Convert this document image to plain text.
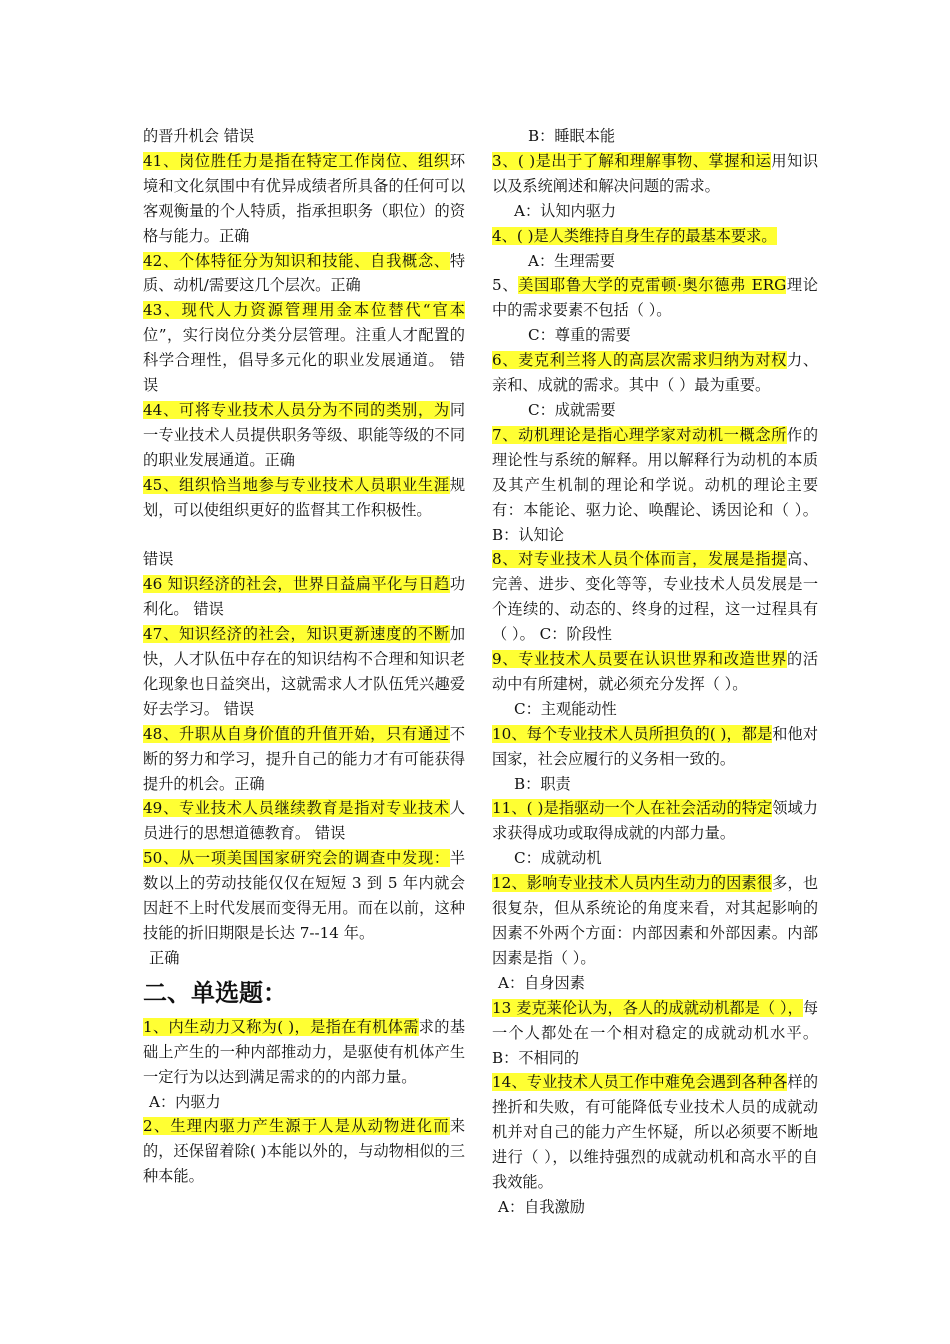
的晋升机会 错误

41、岗位胜任力是指在特定工作岗位、组织环境和文化氛围中有优异成绩者所具备的任何可以客观衡量的个人特质，指承担职务（职位）的资格与能力。正确

42、个体特征分为知识和技能、自我概念、特质、动机/需要这几个层次。正确

43、现代人力资源管理用金本位替代“官本位”，实行岗位分类分层管理。注重人才配置的科学合理性，倡导多元化的职业发展通道。 错误

44、可将专业技术人员分为不同的类别，为同一专业技术人员提供职务等级、职能等级的不同的职业发展通道。正确

45、组织恰当地参与专业技术人员职业生涯规划，可以使组织更好的监督其工作积极性。

错误

46 知识经济的社会，世界日益扁平化与日趋功利化。 错误

47、知识经济的社会，知识更新速度的不断加快，人才队伍中存在的知识结构不合理和知识老化现象也日益突出，这就需求人才队伍凭兴趣爱好去学习。 错误

48、升职从自身价值的升值开始，只有通过不断的努力和学习，提升自己的能力才有可能获得提升的机会。正确

49、专业技术人员继续教育是指对专业技术人员进行的思想道德教育。 错误

50、从一项美国国家研究会的调查中发现：半数以上的劳动技能仅仅在短短 3 到 5 年内就会因赶不上时代发展而变得无用。而在以前，这种技能的折旧期限是长达 7--14 年。

正确

二、单选题：

1、内生动力又称为( )，是指在有机体需求的基础上产生的一种内部推动力，是驱使有机体产生一定行为以达到满足需求的的内部力量。

A：内驱力

2、生理内驱力产生源于人是从动物进化而来的，还保留着除( )本能以外的，与动物相似的三种本能。

B：睡眠本能

3、( )是出于了解和理解事物、掌握和运用知识以及系统阐述和解决问题的需求。

A：认知内驱力

4、( )是人类维持自身生存的最基本要求。

A：生理需要

5、美国耶鲁大学的克雷顿·奥尔德弗 ERG理论中的需求要素不包括（ ）。

C：尊重的需要

6、麦克利兰将人的高层次需求归纳为对权力、亲和、成就的需求。其中（ ）最为重要。

C：成就需要

7、动机理论是指心理学家对动机一概念所作的理论性与系统的解释。用以解释行为动机的本质及其产生机制的理论和学说。动机的理论主要有：本能论、驱力论、唤醒论、诱因论和（ ）。 B：认知论

8、对专业技术人员个体而言，发展是指提高、完善、进步、变化等等，专业技术人员发展是一个连续的、动态的、终身的过程，这一过程具有（ ）。 C：阶段性

9、专业技术人员要在认识世界和改造世界的活动中有所建树，就必须充分发挥（ ）。

C：主观能动性

10、每个专业技术人员所担负的( )，都是和他对国家，社会应履行的义务相一致的。

B：职责

11、( )是指驱动一个人在社会活动的特定领域力求获得成功或取得成就的内部力量。

C：成就动机

12、影响专业技术人员内生动力的因素很多，也很复杂，但从系统论的角度来看，对其起影响的因素不外两个方面：内部因素和外部因素。内部因素是指（ ）。

A：自身因素

13 麦克莱伦认为，各人的成就动机都是（ ），每一个人都处在一个相对稳定的成就动机水平。 B：不相同的

14、专业技术人员工作中难免会遇到各种各样的挫折和失败，有可能降低专业技术人员的成就动机并对自己的能力产生怀疑，所以必须要不断地进行（ ），以维持强烈的成就动机和高水平的自我效能。

A：自我激励
